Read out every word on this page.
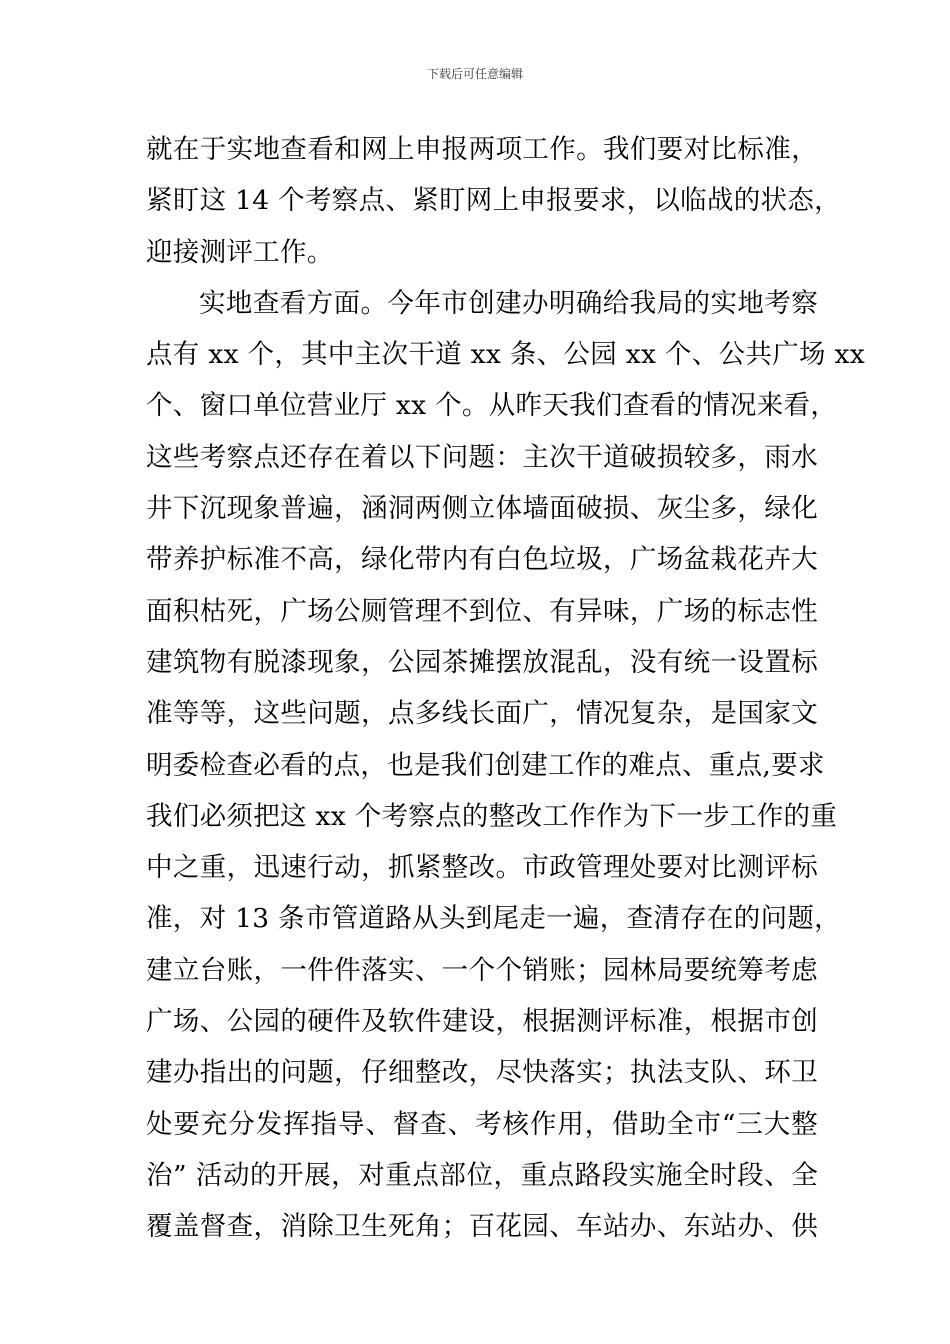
下载后可任意编辑
就在于实地查看和网上申报两项工作。我们要对比标准，
紧盯这 14 个考察点、紧盯网上申报要求，以临战的状态，
迎接测评工作。
实地查看方面。今年市创建办明确给我局的实地考察
点有 xx 个，其中主次干道 xx 条、公园 xx 个、公共广场 xx
个、窗口单位营业厅 xx 个。从昨天我们查看的情况来看，
这些考察点还存在着以下问题：主次干道破损较多，雨水
井下沉现象普遍，涵洞两侧立体墙面破损、灰尘多，绿化
带养护标准不高，绿化带内有白色垃圾，广场盆栽花卉大
面积枯死，广场公厕管理不到位、有异味，广场的标志性
建筑物有脱漆现象，公园茶摊摆放混乱，没有统一设置标
准等等，这些问题，点多线长面广，情况复杂，是国家文
明委检查必看的点，也是我们创建工作的难点、重点,要求
我们必须把这 xx 个考察点的整改工作作为下一步工作的重
中之重，迅速行动，抓紧整改。市政管理处要对比测评标
准，对 13 条市管道路从头到尾走一遍，查清存在的问题，
建立台账，一件件落实、一个个销账；园林局要统筹考虑
广场、公园的硬件及软件建设，根据测评标准，根据市创
建办指出的问题，仔细整改，尽快落实；执法支队、环卫
处要充分发挥指导、督查、考核作用，借助全市“三大整
治” 活动的开展，对重点部位，重点路段实施全时段、全
覆盖督查，消除卫生死角；百花园、车站办、东站办、供
